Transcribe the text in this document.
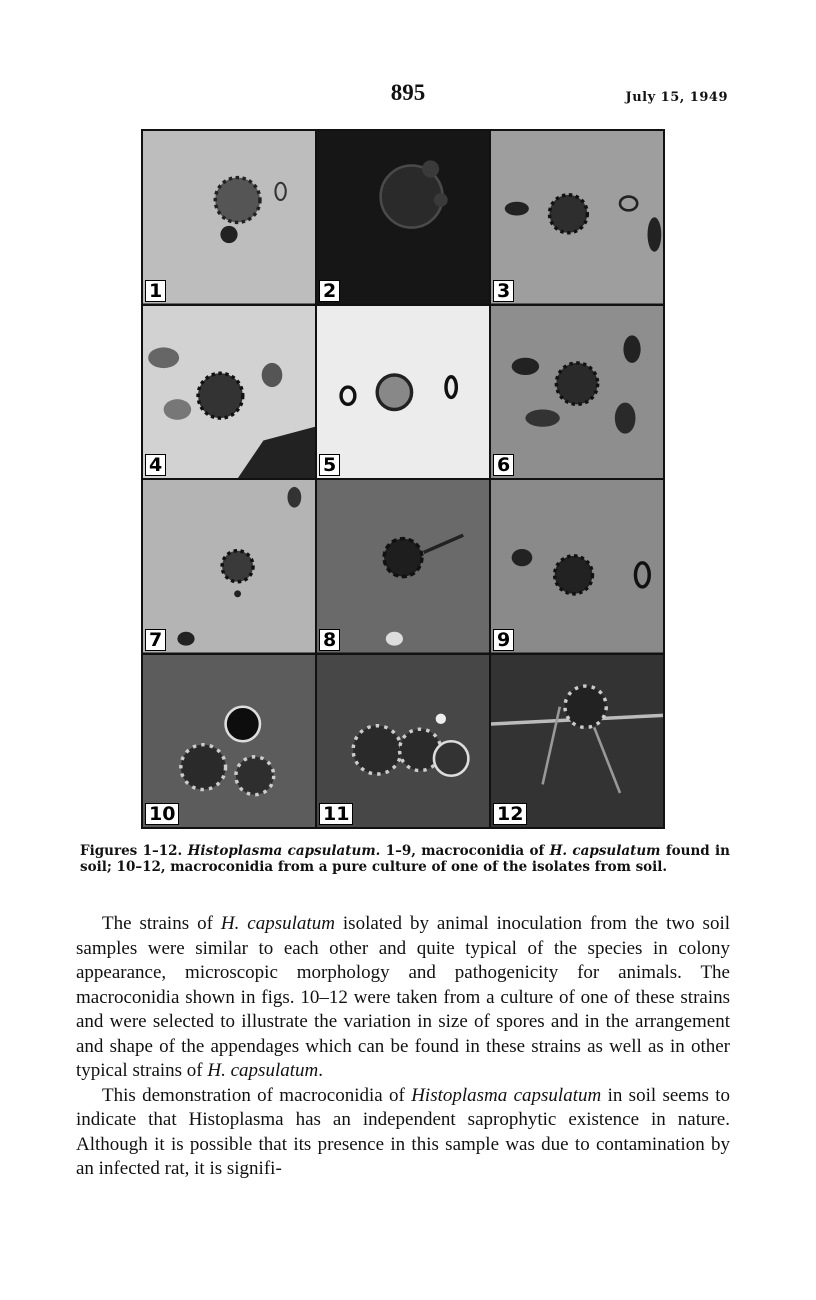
895	July 15, 1949
1	2	3
4	5	6
7	8	9
10	11	12
Figures 1–12. Histoplasma capsulatum. 1–9, macroconidia of H. capsulatum found in soil; 10–12, macroconidia from a pure culture of one of the isolates from soil.

The strains of H. capsulatum isolated by animal inoculation from the two soil samples were similar to each other and quite typical of the species in colony appearance, microscopic morphology and pathogenicity for animals. The macroconidia shown in figs. 10–12 were taken from a culture of one of these strains and were selected to illustrate the variation in size of spores and in the arrangement and shape of the appendages which can be found in these strains as well as in other typical strains of H. capsulatum.

This demonstration of macroconidia of Histoplasma capsulatum in soil seems to indicate that Histoplasma has an independent saprophytic existence in nature. Although it is possible that its presence in this sample was due to contamination by an infected rat, it is signifi-
